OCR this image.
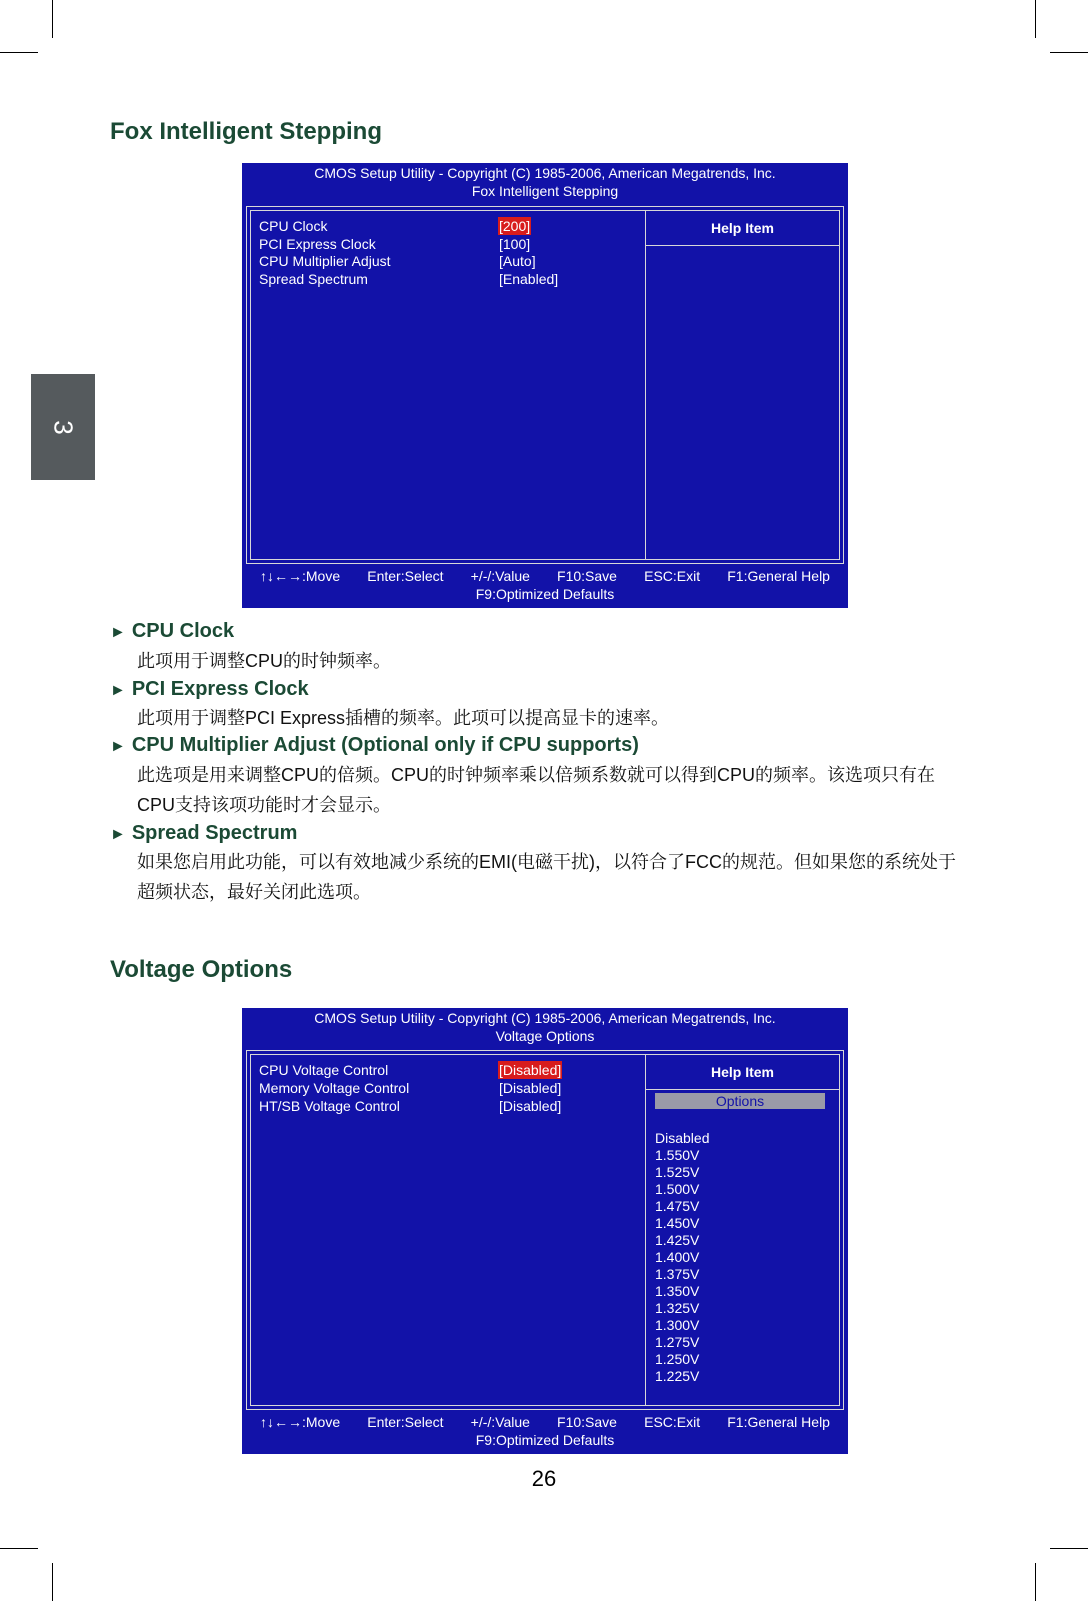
3
Fox Intelligent Stepping
CMOS Setup Utility - Copyright (C) 1985-2006, American Megatrends, Inc.
Fox Intelligent Stepping
Help Item
CPU Clock	[200]
PCI Express Clock	[100]
CPU Multiplier Adjust	[Auto]
Spread Spectrum	[Enabled]
↑↓←→:Move Enter:Select +/-/:Value F10:Save ESC:Exit F1:General Help
F9:Optimized Defaults
► CPU Clock
此项用于调整CPU的时钟频率。
► PCI Express Clock
此项用于调整PCI Express插槽的频率。此项可以提高显卡的速率。
► CPU Multiplier Adjust (Optional only if CPU supports)
此选项是用来调整CPU的倍频。CPU的时钟频率乘以倍频系数就可以得到CPU的频率。该选项只有在CPU支持该项功能时才会显示。
► Spread Spectrum
如果您启用此功能，可以有效地减少系统的EMI(电磁干扰)，以符合了FCC的规范。但如果您的系统处于超频状态，最好关闭此选项。
Voltage Options
CMOS Setup Utility - Copyright (C) 1985-2006, American Megatrends, Inc.
Voltage Options
Help Item
CPU Voltage Control	[Disabled]
Memory Voltage Control	[Disabled]
HT/SB Voltage Control	[Disabled]	Options
Disabled
1.550V
1.525V
1.500V
1.475V
1.450V
1.425V
1.400V
1.375V
1.350V
1.325V
1.300V
1.275V
1.250V
1.225V
↑↓←→:Move Enter:Select +/-/:Value F10:Save ESC:Exit F1:General Help
F9:Optimized Defaults
26
